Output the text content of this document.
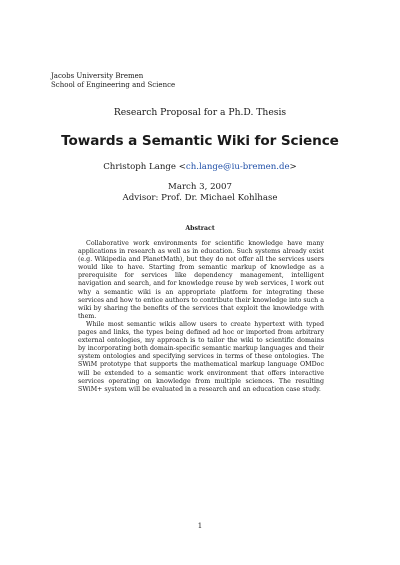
Jacobs University Bremen
School of Engineering and Science
Research Proposal for a Ph.D. Thesis
Towards a Semantic Wiki for Science
Christoph Lange <ch.lange@iu-bremen.de>
March 3, 2007
Advisor: Prof. Dr. Michael Kohlhase
Abstract

Collaborative work environments for scientific knowledge have many applications in research as well as in education. Such systems already exist (e.g. Wikipedia and PlanetMath), but they do not offer all the services users would like to have. Starting from semantic markup of knowledge as a prerequisite for services like dependency management, intelligent navigation and search, and for knowledge reuse by web services, I work out why a semantic wiki is an appropriate platform for integrating these services and how to entice authors to contribute their knowledge into such a wiki by sharing the benefits of the services that exploit the knowledge with them.

While most semantic wikis allow users to create hypertext with typed pages and links, the types being defined ad hoc or imported from arbitrary external ontologies, my approach is to tailor the wiki to scientific domains by incorporating both domain-specific semantic markup languages and their system ontologies and specifying services in terms of these ontologies. The SWiM prototype that supports the mathematical markup language OMDoc will be extended to a semantic work environment that offers interactive services operating on knowledge from multiple sciences. The resulting SWiM+ system will be evaluated in a research and an education case study.

1
